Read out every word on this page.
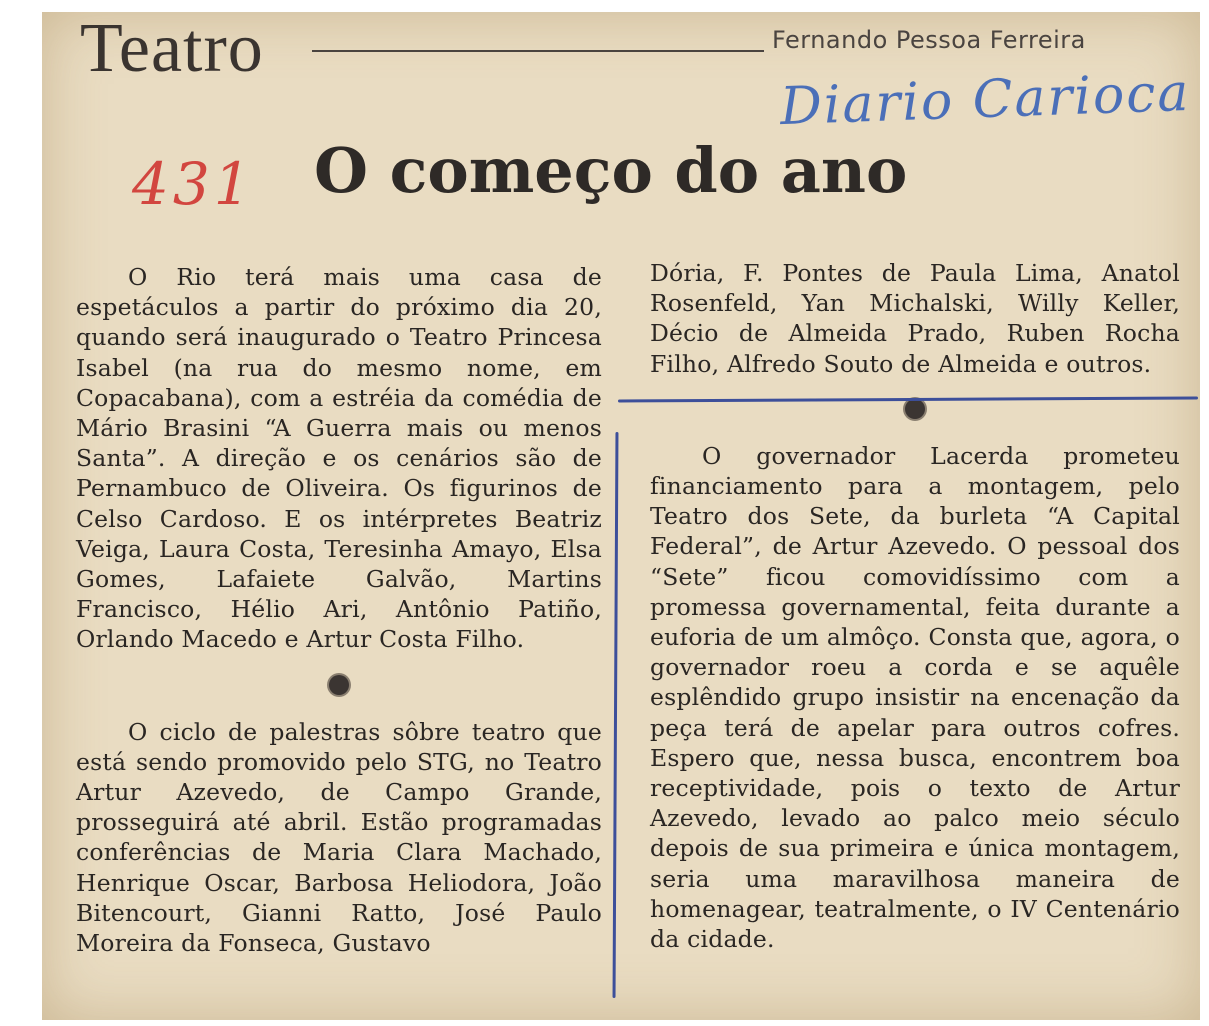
Teatro	Fernando Pessoa Ferreira
Diario Carioca
431 O começo do ano

O Rio terá mais uma casa de espetáculos a partir do próximo dia 20, quando será inaugurado o Teatro Princesa Isabel (na rua do mesmo nome, em Copacabana), com a estréia da comédia de Mário Brasini “A Guerra mais ou menos Santa”. A direção e os cenários são de Pernambuco de Oliveira. Os figurinos de Celso Cardoso. E os intérpretes Beatriz Veiga, Laura Costa, Teresinha Amayo, Elsa Gomes, Lafaiete Galvão, Martins Francisco, Hélio Ari, Antônio Patiño, Orlando Macedo e Artur Costa Filho.

O ciclo de palestras sôbre teatro que está sendo promovido pelo STG, no Teatro Artur Azevedo, de Campo Grande, prosseguirá até abril. Estão programadas conferências de Maria Clara Machado, Henrique Oscar, Barbosa Heliodora, João Bitencourt, Gianni Ratto, José Paulo Moreira da Fonseca, Gustavo

Dória, F. Pontes de Paula Lima, Anatol Rosenfeld, Yan Michalski, Willy Keller, Décio de Almeida Prado, Ruben Rocha Filho, Alfredo Souto de Almeida e outros.

O governador Lacerda prometeu financiamento para a montagem, pelo Teatro dos Sete, da burleta “A Capital Federal”, de Artur Azevedo. O pessoal dos “Sete” ficou comovidíssimo com a promessa governamental, feita durante a euforia de um almôço. Consta que, agora, o governador roeu a corda e se aquêle esplêndido grupo insistir na encenação da peça terá de apelar para outros cofres. Espero que, nessa busca, encontrem boa receptividade, pois o texto de Artur Azevedo, levado ao palco meio século depois de sua primeira e única montagem, seria uma maravilhosa maneira de homenagear, teatralmente, o IV Centenário da cidade.
